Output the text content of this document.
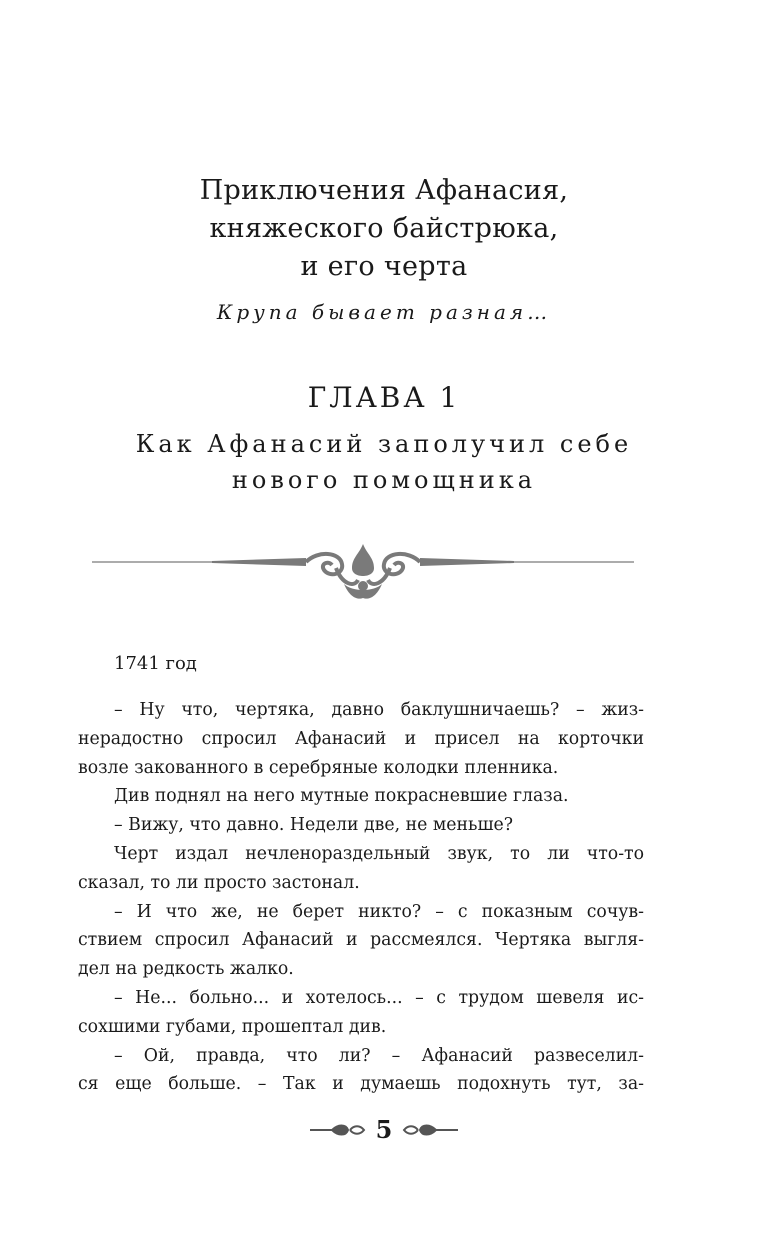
Приключения Афанасия,
княжеского байстрюка,
и его черта
Крупа бывает разная…
ГЛАВА 1
Как Афанасий заполучил себе
нового помощника
1741 год
– Ну что, чертяка, давно баклушничаешь? – жиз-
нерадостно спросил Афанасий и присел на корточки
возле закованного в серебряные колодки пленника.
Див поднял на него мутные покрасневшие глаза.
– Вижу, что давно. Недели две, не меньше?
Черт издал нечленораздельный звук, то ли что-то
сказал, то ли просто застонал.
– И что же, не берет никто? – с показным сочув-
ствием спросил Афанасий и рассмеялся. Чертяка выгля-
дел на редкость жалко.
– Не... больно... и хотелось... – с трудом шевеля ис-
сохшими губами, прошептал див.
– Ой, правда, что ли? – Афанасий развеселил-
ся еще больше. – Так и думаешь подохнуть тут, за-
5
